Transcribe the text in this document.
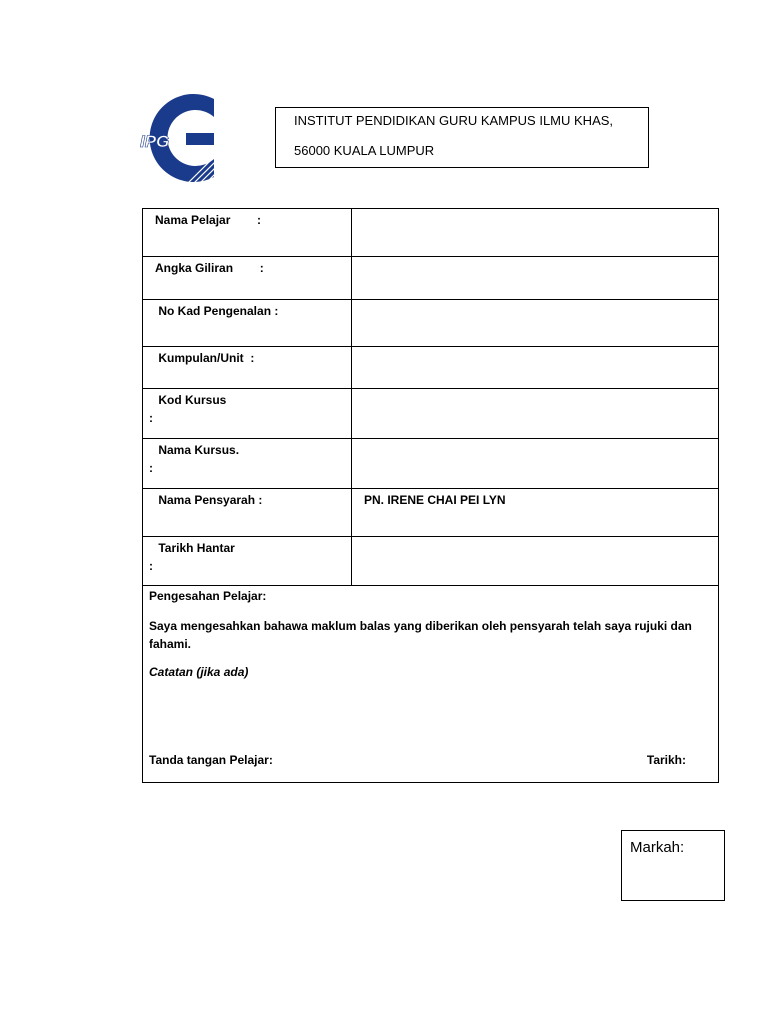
IPG

INSTITUT PENDIDIKAN GURU KAMPUS ILMU KHAS,

56000 KUALA LUMPUR

Nama Pelajar        :	

Angka Giliran        :	

No Kad Pengenalan :	

Kumpulan/Unit  :	

Kod Kursus
:	

Nama Kursus.
:	

Nama Pensyarah :	PN. IRENE CHAI PEI LYN

Tarikh Hantar
:	

Pengesahan Pelajar:

Saya mengesahkan bahawa maklum balas yang diberikan oleh pensyarah telah saya rujuki dan fahami.

Catatan (jika ada)

Tanda tangan Pelajar: Tarikh:	

Markah:
